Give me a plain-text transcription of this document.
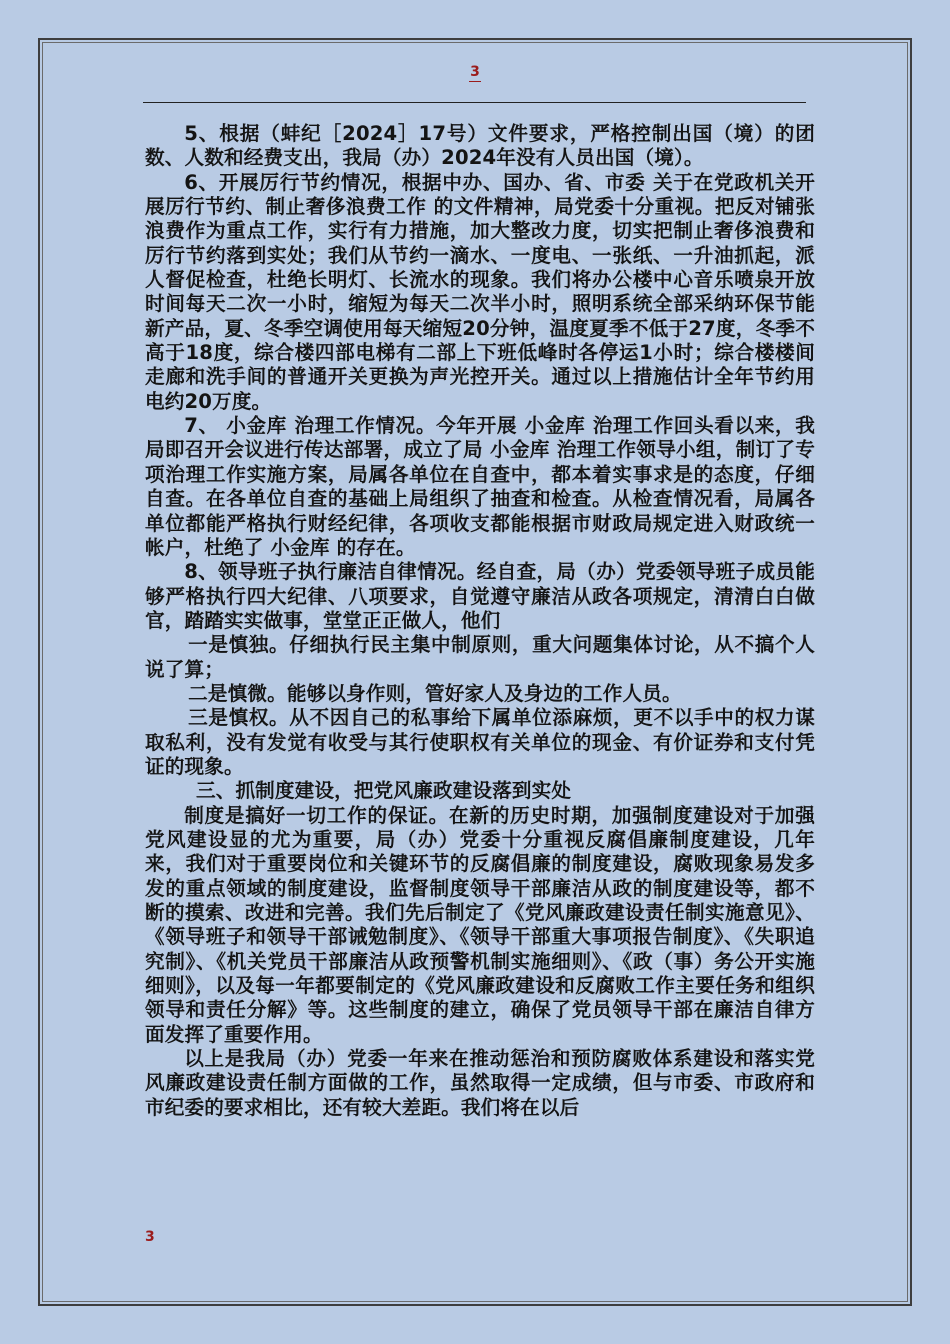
3

5、根据（蚌纪［2024］17号）文件要求，严格控制出国（境）的团数、人数和经费支出，我局（办）2024年没有人员出国（境）。

6、开展厉行节约情况，根据中办、国办、省、市委 关于在党政机关开展厉行节约、制止奢侈浪费工作 的文件精神，局党委十分重视。把反对铺张浪费作为重点工作，实行有力措施，加大整改力度，切实把制止奢侈浪费和厉行节约落到实处；我们从节约一滴水、一度电、一张纸、一升油抓起，派人督促检查，杜绝长明灯、长流水的现象。我们将办公楼中心音乐喷泉开放时间每天二次一小时，缩短为每天二次半小时，照明系统全部采纳环保节能新产品，夏、冬季空调使用每天缩短20分钟，温度夏季不低于27度，冬季不高于18度，综合楼四部电梯有二部上下班低峰时各停运1小时；综合楼楼间走廊和洗手间的普通开关更换为声光控开关。通过以上措施估计全年节约用电约20万度。

7、 小金库 治理工作情况。今年开展 小金库 治理工作回头看以来，我局即召开会议进行传达部署，成立了局 小金库 治理工作领导小组，制订了专项治理工作实施方案，局属各单位在自查中，都本着实事求是的态度，仔细自查。在各单位自查的基础上局组织了抽查和检查。从检查情况看，局属各单位都能严格执行财经纪律，各项收支都能根据市财政局规定进入财政统一帐户，杜绝了 小金库 的存在。

8、领导班子执行廉洁自律情况。经自查，局（办）党委领导班子成员能够严格执行四大纪律、八项要求，自觉遵守廉洁从政各项规定，清清白白做官，踏踏实实做事，堂堂正正做人，他们

一是慎独。仔细执行民主集中制原则，重大问题集体讨论，从不搞个人说了算；

二是慎微。能够以身作则，管好家人及身边的工作人员。

三是慎权。从不因自己的私事给下属单位添麻烦，更不以手中的权力谋取私利，没有发觉有收受与其行使职权有关单位的现金、有价证券和支付凭证的现象。

三、抓制度建设，把党风廉政建设落到实处

制度是搞好一切工作的保证。在新的历史时期，加强制度建设对于加强党风建设显的尤为重要，局（办）党委十分重视反腐倡廉制度建设，几年来，我们对于重要岗位和关键环节的反腐倡廉的制度建设，腐败现象易发多发的重点领域的制度建设，监督制度领导干部廉洁从政的制度建设等，都不断的摸索、改进和完善。我们先后制定了《党风廉政建设责任制实施意见》、《领导班子和领导干部诫勉制度》、《领导干部重大事项报告制度》、《失职追究制》、《机关党员干部廉洁从政预警机制实施细则》、《政（事）务公开实施细则》，以及每一年都要制定的《党风廉政建设和反腐败工作主要任务和组织领导和责任分解》等。这些制度的建立，确保了党员领导干部在廉洁自律方面发挥了重要作用。

以上是我局（办）党委一年来在推动惩治和预防腐败体系建设和落实党风廉政建设责任制方面做的工作，虽然取得一定成绩，但与市委、市政府和市纪委的要求相比，还有较大差距。我们将在以后

3
